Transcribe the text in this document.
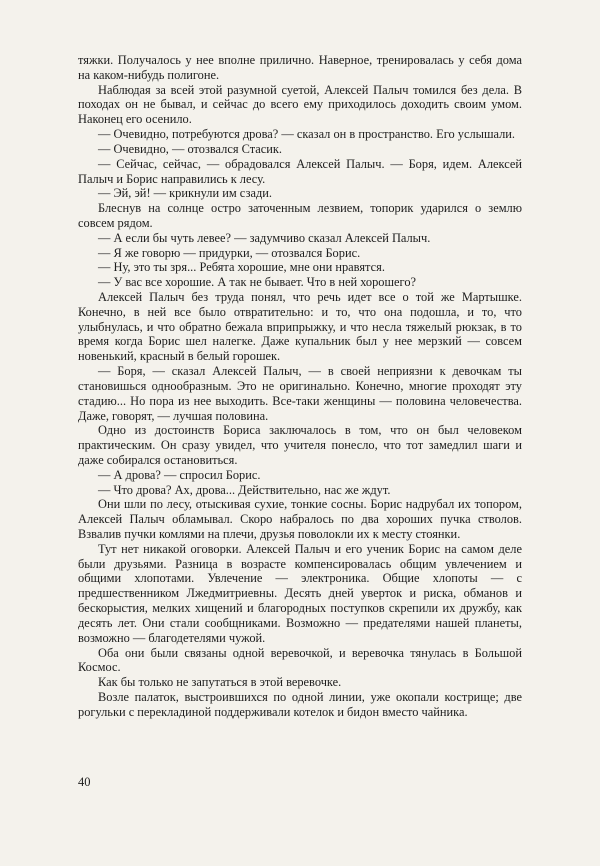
тяжки. Получалось у нее вполне прилично. Наверное, тренировалась у себя дома на каком-нибудь полигоне.

Наблюдая за всей этой разумной суетой, Алексей Палыч томился без дела. В походах он не бывал, и сейчас до всего ему приходилось доходить своим умом. Наконец его осенило.

— Очевидно, потребуются дрова? — сказал он в пространство. Его услышали.

— Очевидно, — отозвался Стасик.

— Сейчас, сейчас, — обрадовался Алексей Палыч. — Боря, идем. Алексей Палыч и Борис направились к лесу.

— Эй, эй! — крикнули им сзади.

Блеснув на солнце остро заточенным лезвием, топорик ударился о землю совсем рядом.

— А если бы чуть левее? — задумчиво сказал Алексей Палыч.

— Я же говорю — придурки, — отозвался Борис.

— Ну, это ты зря... Ребята хорошие, мне они нравятся.

— У вас все хорошие. А так не бывает. Что в ней хорошего?

Алексей Палыч без труда понял, что речь идет все о той же Мартышке. Конечно, в ней все было отвратительно: и то, что она подошла, и то, что улыбнулась, и что обратно бежала вприпрыжку, и что несла тяжелый рюкзак, в то время когда Борис шел налегке. Даже купальник был у нее мерзкий — совсем новенький, красный в белый горошек.

— Боря, — сказал Алексей Палыч, — в своей неприязни к девочкам ты становишься однообразным. Это не оригинально. Конечно, многие проходят эту стадию... Но пора из нее выходить. Все-таки женщины — половина человечества. Даже, говорят, — лучшая половина.

Одно из достоинств Бориса заключалось в том, что он был человеком практическим. Он сразу увидел, что учителя понесло, что тот замедлил шаги и даже собирался остановиться.

— А дрова? — спросил Борис.

— Что дрова? Ах, дрова... Действительно, нас же ждут.

Они шли по лесу, отыскивая сухие, тонкие сосны. Борис надрубал их топором, Алексей Палыч обламывал. Скоро набралось по два хороших пучка стволов. Взвалив пучки комлями на плечи, друзья поволокли их к месту стоянки.

Тут нет никакой оговорки. Алексей Палыч и его ученик Борис на самом деле были друзьями. Разница в возрасте компенсировалась общим увлечением и общими хлопотами. Увлечение — электроника. Общие хлопоты — с предшественником Лжедмитриевны. Десять дней уверток и риска, обманов и бескорыстия, мелких хищений и благородных поступков скрепили их дружбу, как десять лет. Они стали сообщниками. Возможно — предателями нашей планеты, возможно — благодетелями чужой.

Оба они были связаны одной веревочкой, и веревочка тянулась в Большой Космос.

Как бы только не запутаться в этой веревочке.

Возле палаток, выстроившихся по одной линии, уже окопали кострище; две рогульки с перекладиной поддерживали котелок и бидон вместо чайника.

40
